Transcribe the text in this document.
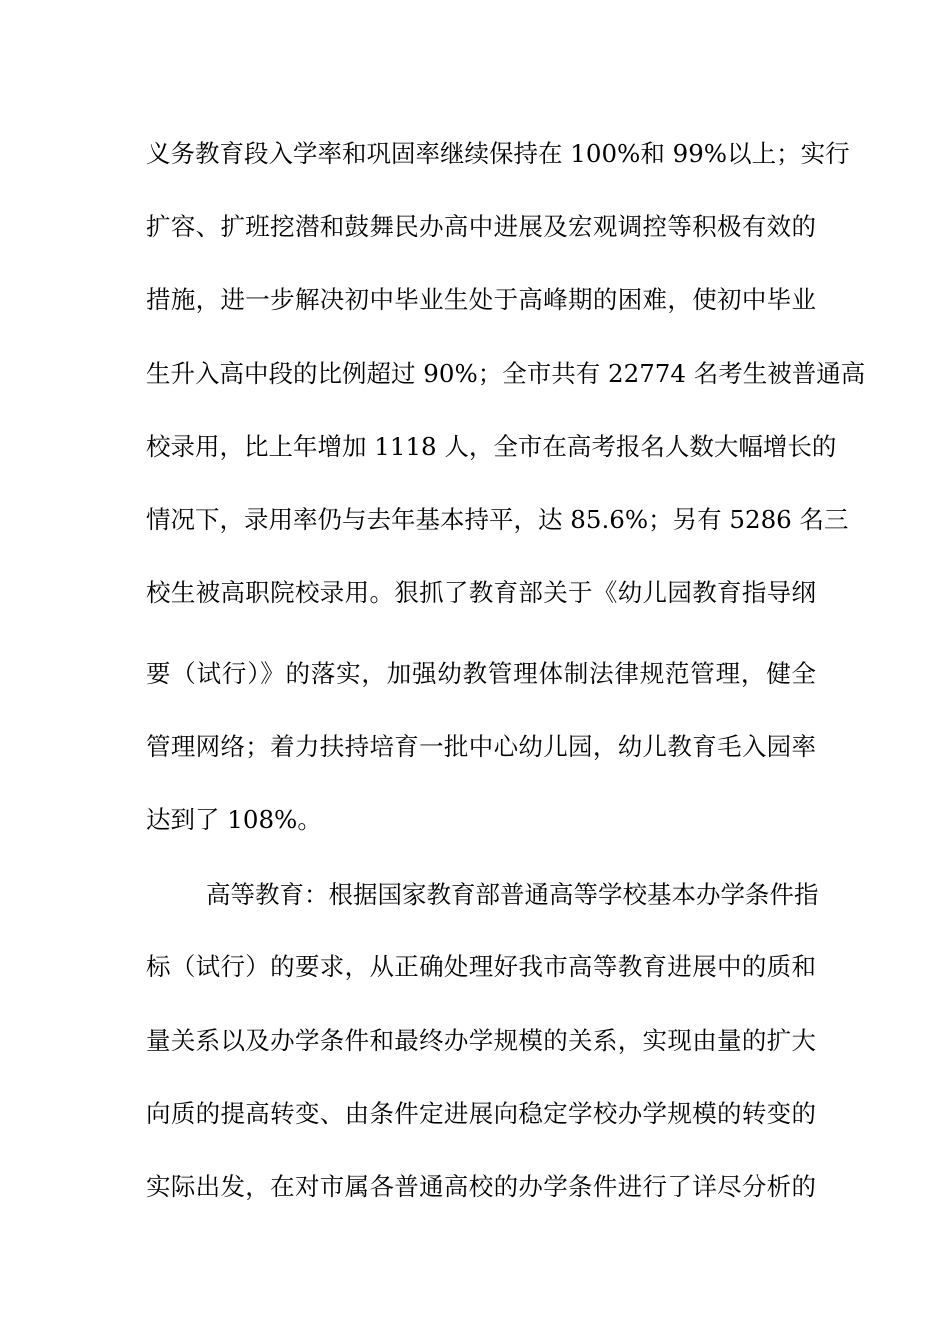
义务教育段入学率和巩固率继续保持在 100%和 99%以上；实行
扩容、扩班挖潜和鼓舞民办高中进展及宏观调控等积极有效的
措施，进一步解决初中毕业生处于高峰期的困难，使初中毕业
生升入高中段的比例超过 90%；全市共有 22774 名考生被普通高
校录用，比上年增加 1118 人，全市在高考报名人数大幅增长的
情况下，录用率仍与去年基本持平，达 85.6%；另有 5286 名三
校生被高职院校录用。狠抓了教育部关于《幼儿园教育指导纲
要（试行）》的落实，加强幼教管理体制法律规范管理，健全
管理网络；着力扶持培育一批中心幼儿园，幼儿教育毛入园率
达到了 108%。
高等教育：根据国家教育部普通高等学校基本办学条件指
标（试行）的要求，从正确处理好我市高等教育进展中的质和
量关系以及办学条件和最终办学规模的关系，实现由量的扩大
向质的提高转变、由条件定进展向稳定学校办学规模的转变的
实际出发，在对市属各普通高校的办学条件进行了详尽分析的
